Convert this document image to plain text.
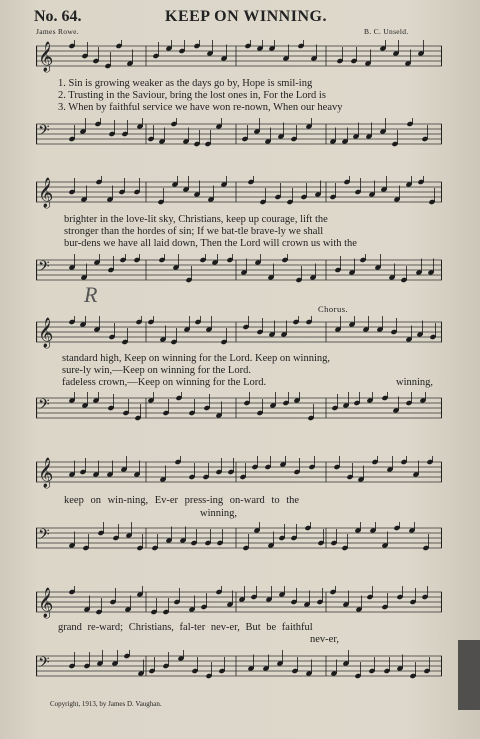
No. 64.	KEEP ON WINNING.
James Rowe.	B. C. Unseld.
𝄞
1. Sin is growing weaker as the days go by, Hope is smil-ing
2. Trusting in the Saviour, bring the lost ones in, For the Lord is
3. When by faithful service we have won re-nown, When our heavy
𝄢
𝄞
brighter in the love-lit sky, Christians, keep up courage, lift the
stronger than the hordes of sin; If we bat-tle brave-ly we shall
bur-dens we have all laid down, Then the Lord will crown us with the
𝄢
Chorus.
R
𝄞
standard high, Keep on winning for the Lord. Keep on winning,
sure-ly win,—Keep on winning for the Lord.
fadeless crown,—Keep on winning for the Lord.	winning,
𝄢
𝄞
keep on win-ning, Ev-er press-ing on-ward to the
winning,
𝄢
𝄞
grand re-ward; Christians, fal-ter nev-er, But be faithful
nev-er,
𝄢
Copyright, 1913, by James D. Vaughan.
